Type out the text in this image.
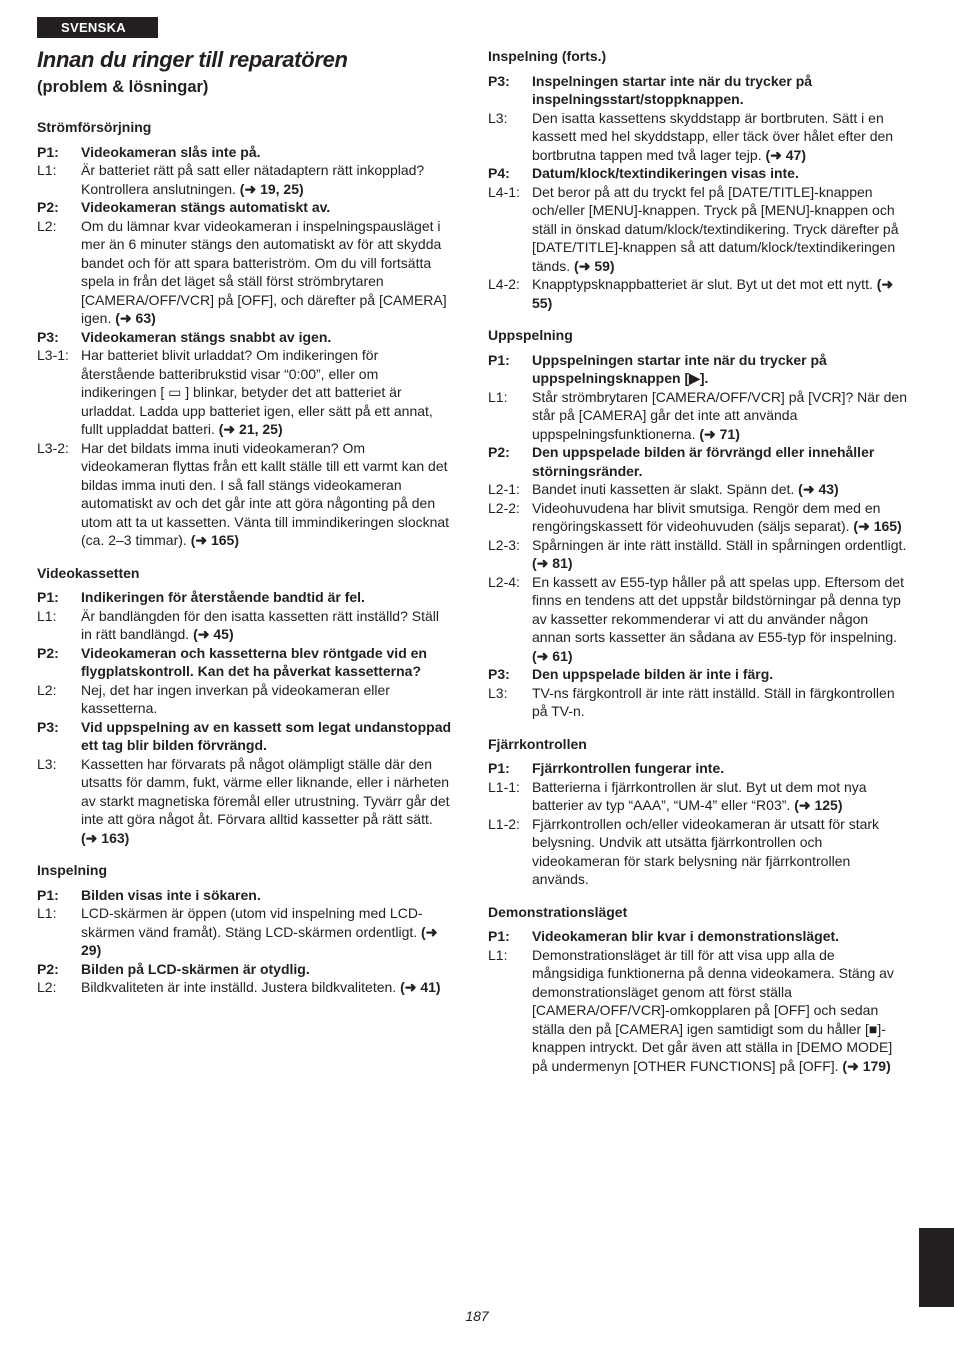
SVENSKA
Innan du ringer till reparatören
(problem & lösningar)
Strömförsörjning
P1:	Videokameran slås inte på.
L1:	Är batteriet rätt på satt eller nätadaptern rätt inkopplad? Kontrollera anslutningen. (➜ 19, 25)
P2:	Videokameran stängs automatiskt av.
L2:	Om du lämnar kvar videokameran i inspelningspausläget i mer än 6 minuter stängs den automatiskt av för att skydda bandet och för att spara batteriström. Om du vill fortsätta spela in från det läget så ställ först strömbrytaren [CAMERA/OFF/VCR] på [OFF], och därefter på [CAMERA] igen. (➜ 63)
P3:	Videokameran stängs snabbt av igen.
L3-1: Har batteriet blivit urladdat? Om indikeringen för återstående batteribrukstid visar “0:00”, eller om indikeringen [ ▭ ] blinkar, betyder det att batteriet är urladdat. Ladda upp batteriet igen, eller sätt på ett annat, fullt uppladdat batteri. (➜ 21, 25)
L3-2: Har det bildats imma inuti videokameran? Om videokameran flyttas från ett kallt ställe till ett varmt kan det bildas imma inuti den. I så fall stängs videokameran automatiskt av och det går inte att göra någonting på den utom att ta ut kassetten. Vänta till immindikeringen slocknat (ca. 2–3 timmar). (➜ 165)
Videokassetten
P1:	Indikeringen för återstående bandtid är fel.
L1:	Är bandlängden för den isatta kassetten rätt inställd? Ställ in rätt bandlängd. (➜ 45)
P2:	Videokameran och kassetterna blev röntgade vid en flygplatskontroll. Kan det ha påverkat kassetterna?
L2:	Nej, det har ingen inverkan på videokameran eller kassetterna.
P3:	Vid uppspelning av en kassett som legat undanstoppad ett tag blir bilden förvrängd.
L3:	Kassetten har förvarats på något olämpligt ställe där den utsatts för damm, fukt, värme eller liknande, eller i närheten av starkt magnetiska föremål eller utrustning. Tyvärr går det inte att göra något åt. Förvara alltid kassetter på rätt sätt. (➜ 163)
Inspelning
P1:	Bilden visas inte i sökaren.
L1:	LCD-skärmen är öppen (utom vid inspelning med LCD-skärmen vänd framåt). Stäng LCD-skärmen ordentligt. (➜ 29)
P2:	Bilden på LCD-skärmen är otydlig.
L2:	Bildkvaliteten är inte inställd. Justera bildkvaliteten. (➜ 41)
Inspelning (forts.)
P3:	Inspelningen startar inte när du trycker på inspelningsstart/stoppknappen.
L3:	Den isatta kassettens skyddstapp är bortbruten. Sätt i en kassett med hel skyddstapp, eller täck över hålet efter den bortbrutna tappen med två lager tejp. (➜ 47)
P4:	Datum/klock/textindikeringen visas inte.
L4-1: Det beror på att du tryckt fel på [DATE/TITLE]-knappen och/eller [MENU]-knappen. Tryck på [MENU]-knappen och ställ in önskad datum/klock/textindikering. Tryck därefter på [DATE/TITLE]-knappen så att datum/klock/textindikeringen tänds. (➜ 59)
L4-2: Knapptypsknappbatteriet är slut. Byt ut det mot ett nytt. (➜ 55)
Uppspelning
P1:	Uppspelningen startar inte när du trycker på uppspelningsknappen [▶].
L1:	Står strömbrytaren [CAMERA/OFF/VCR] på [VCR]? När den står på [CAMERA] går det inte att använda uppspelningsfunktionerna. (➜ 71)
P2:	Den uppspelade bilden är förvrängd eller innehåller störningsränder.
L2-1: Bandet inuti kassetten är slakt. Spänn det. (➜ 43)
L2-2: Videohuvudena har blivit smutsiga. Rengör dem med en rengöringskassett för videohuvuden (säljs separat). (➜ 165)
L2-3: Spårningen är inte rätt inställd. Ställ in spårningen ordentligt. (➜ 81)
L2-4: En kassett av E55-typ håller på att spelas upp. Eftersom det finns en tendens att det uppstår bildstörningar på denna typ av kassetter rekommenderar vi att du använder någon annan sorts kassetter än sådana av E55-typ för inspelning. (➜ 61)
P3:	Den uppspelade bilden är inte i färg.
L3:	TV-ns färgkontroll är inte rätt inställd. Ställ in färgkontrollen på TV-n.
Fjärrkontrollen
P1:	Fjärrkontrollen fungerar inte.
L1-1: Batterierna i fjärrkontrollen är slut. Byt ut dem mot nya batterier av typ “AAA”, “UM-4” eller “R03”. (➜ 125)
L1-2: Fjärrkontrollen och/eller videokameran är utsatt för stark belysning. Undvik att utsätta fjärrkontrollen och videokameran för stark belysning när fjärrkontrollen används.
Demonstrationsläget
P1:	Videokameran blir kvar i demonstrationsläget.
L1:	Demonstrationsläget är till för att visa upp alla de mångsidiga funktionerna på denna videokamera. Stäng av demonstrationsläget genom att först ställa [CAMERA/OFF/VCR]-omkopplaren på [OFF] och sedan ställa den på [CAMERA] igen samtidigt som du håller [■]-knappen intryckt. Det går även att ställa in [DEMO MODE] på undermenyn [OTHER FUNCTIONS] på [OFF]. (➜ 179)
187
